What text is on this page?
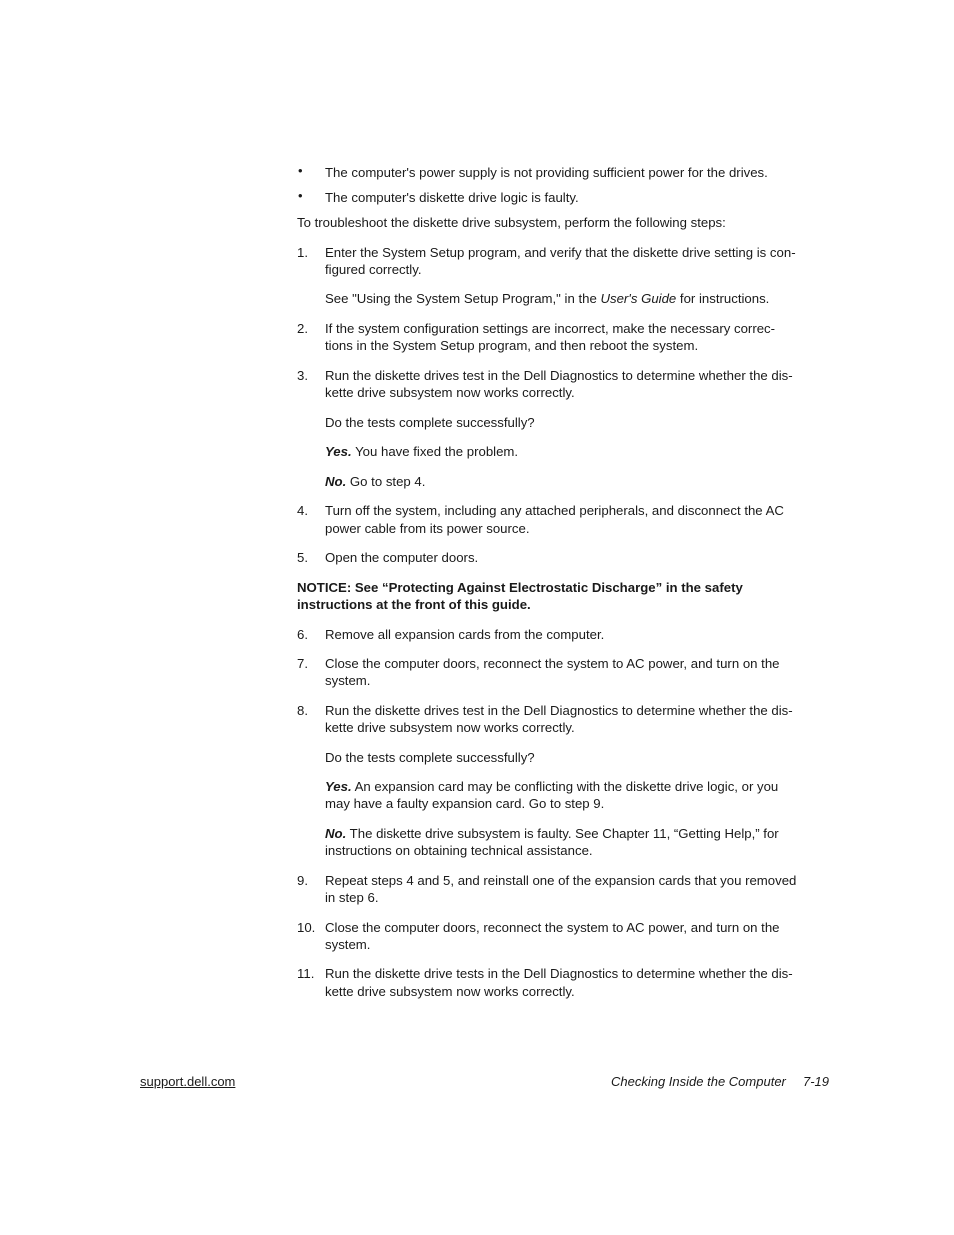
• The computer's power supply is not providing sufficient power for the drives.
• The computer's diskette drive logic is faulty.
To troubleshoot the diskette drive subsystem, perform the following steps:
1. Enter the System Setup program, and verify that the diskette drive setting is con-
figured correctly.
See "Using the System Setup Program," in the User's Guide for instructions.
2. If the system configuration settings are incorrect, make the necessary correc-
tions in the System Setup program, and then reboot the system.
3. Run the diskette drives test in the Dell Diagnostics to determine whether the dis-
kette drive subsystem now works correctly.
Do the tests complete successfully?
Yes. You have fixed the problem.
No. Go to step 4.
4. Turn off the system, including any attached peripherals, and disconnect the AC
power cable from its power source.
5. Open the computer doors.
NOTICE: See “Protecting Against Electrostatic Discharge” in the safety
instructions at the front of this guide.
6. Remove all expansion cards from the computer.
7. Close the computer doors, reconnect the system to AC power, and turn on the
system.
8. Run the diskette drives test in the Dell Diagnostics to determine whether the dis-
kette drive subsystem now works correctly.
Do the tests complete successfully?
Yes. An expansion card may be conflicting with the diskette drive logic, or you
may have a faulty expansion card. Go to step 9.
No. The diskette drive subsystem is faulty. See Chapter 11, “Getting Help,” for
instructions on obtaining technical assistance.
9. Repeat steps 4 and 5, and reinstall one of the expansion cards that you removed
in step 6.
10. Close the computer doors, reconnect the system to AC power, and turn on the
system.
11. Run the diskette drive tests in the Dell Diagnostics to determine whether the dis-
kette drive subsystem now works correctly.
support.dell.com	Checking Inside the Computer 7-19
